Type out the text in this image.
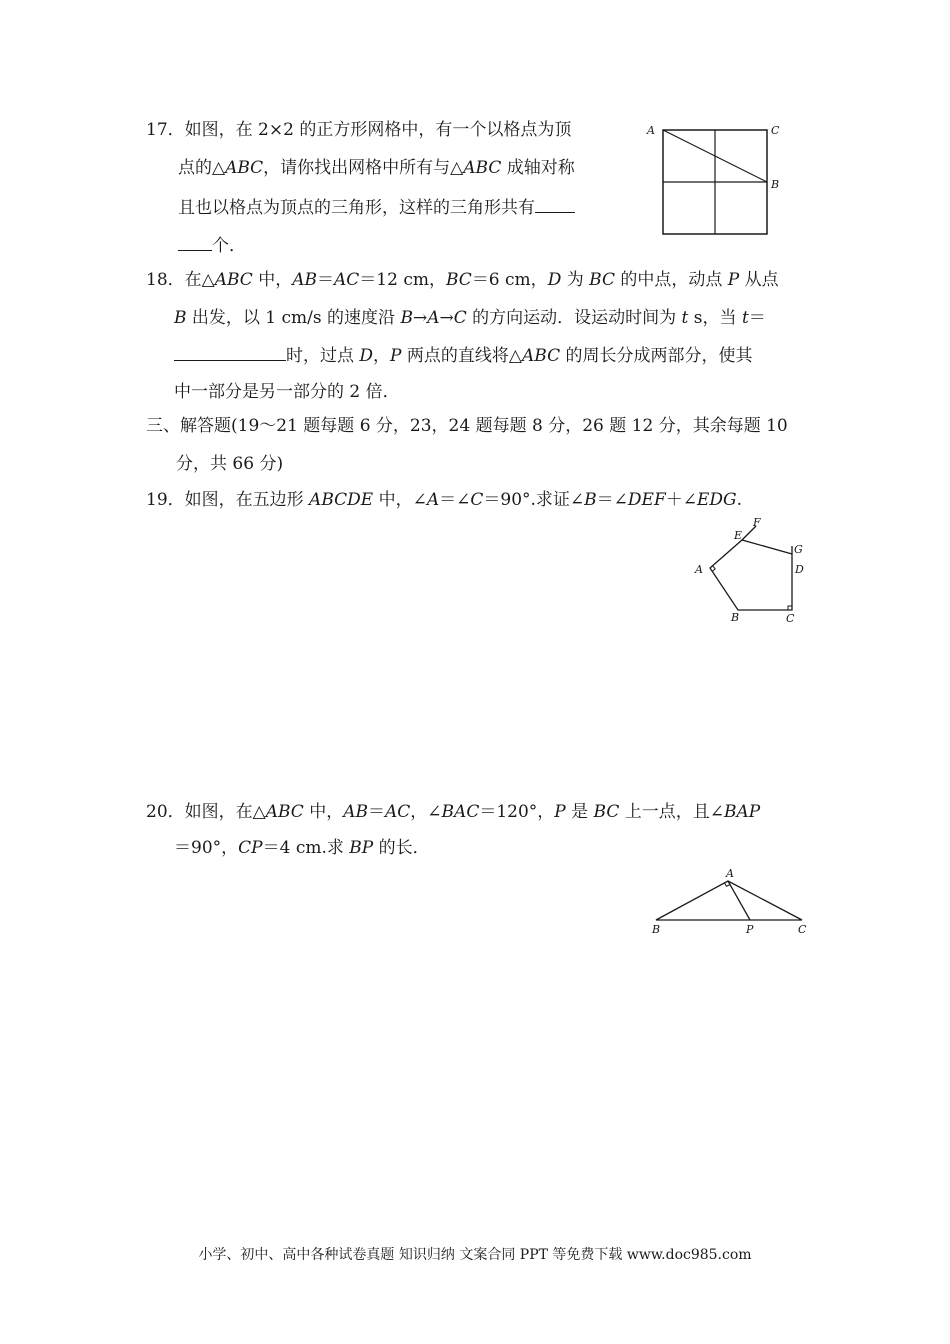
17．如图，在 2×2 的正方形网格中，有一个以格点为顶
点的△ABC，请你找出网格中所有与△ABC 成轴对称
且也以格点为顶点的三角形，这样的三角形共有
个．
A	C
B
18．在△ABC 中，AB＝AC＝12 cm，BC＝6 cm，D 为 BC 的中点，动点 P 从点
B 出发，以 1 cm/s 的速度沿 B→A→C 的方向运动．设运动时间为 t s，当 t＝
时，过点 D，P 两点的直线将△ABC 的周长分成两部分，使其
中一部分是另一部分的 2 倍．
三、解答题(19～21 题每题 6 分，23，24 题每题 8 分，26 题 12 分，其余每题 10
分，共 66 分)
19．如图，在五边形 ABCDE 中，∠A＝∠C＝90°.求证∠B＝∠DEF＋∠EDG.
A
B	C
D
E
F
G
20．如图，在△ABC 中，AB＝AC，∠BAC＝120°，P 是 BC 上一点，且∠BAP
＝90°，CP＝4 cm.求 BP 的长．
A
B	P	C
小学、初中、高中各种试卷真题 知识归纳 文案合同 PPT 等免费下载 www.doc985.com
